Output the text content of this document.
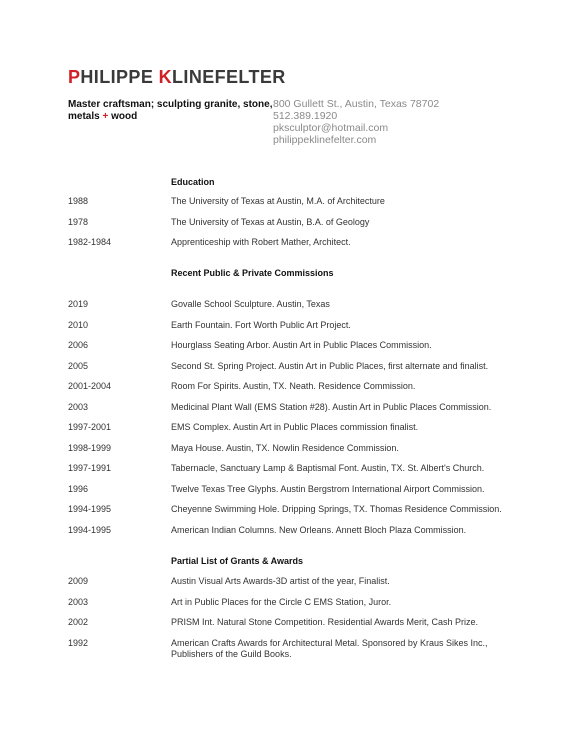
PHILIPPE KLINEFELTER
Master craftsman; sculpting granite, stone, metals + wood
800 Gullett St., Austin, Texas 78702
512.389.1920
pksculptor@hotmail.com
philippeklinefelter.com
Education
1988	The University of Texas at Austin, M.A. of Architecture
1978	The University of Texas at Austin, B.A. of Geology
1982-1984	Apprenticeship with Robert Mather, Architect.
Recent Public & Private Commissions
2019	Govalle School Sculpture. Austin, Texas
2010	Earth Fountain. Fort Worth Public Art Project.
2006	Hourglass Seating Arbor. Austin Art in Public Places Commission.
2005	Second St. Spring Project. Austin Art in Public Places, first alternate and finalist.
2001-2004	Room For Spirits. Austin, TX. Neath. Residence Commission.
2003	Medicinal Plant Wall (EMS Station #28). Austin Art in Public Places Commission.
1997-2001	EMS Complex. Austin Art in Public Places commission finalist.
1998-1999	Maya House. Austin, TX. Nowlin Residence Commission.
1997-1991	Tabernacle, Sanctuary Lamp & Baptismal Font. Austin, TX. St. Albert's Church.
1996	Twelve Texas Tree Glyphs. Austin Bergstrom International Airport Commission.
1994-1995	Cheyenne Swimming Hole. Dripping Springs, TX. Thomas Residence Commission.
1994-1995	American Indian Columns. New Orleans. Annett Bloch Plaza Commission.
Partial List of Grants & Awards
2009	Austin Visual Arts Awards-3D artist of the year, Finalist.
2003	Art in Public Places for the Circle C EMS Station, Juror.
2002	PRISM Int. Natural Stone Competition. Residential Awards Merit, Cash Prize.
1992	American Crafts Awards for Architectural Metal. Sponsored by Kraus Sikes Inc., Publishers of the Guild Books.
